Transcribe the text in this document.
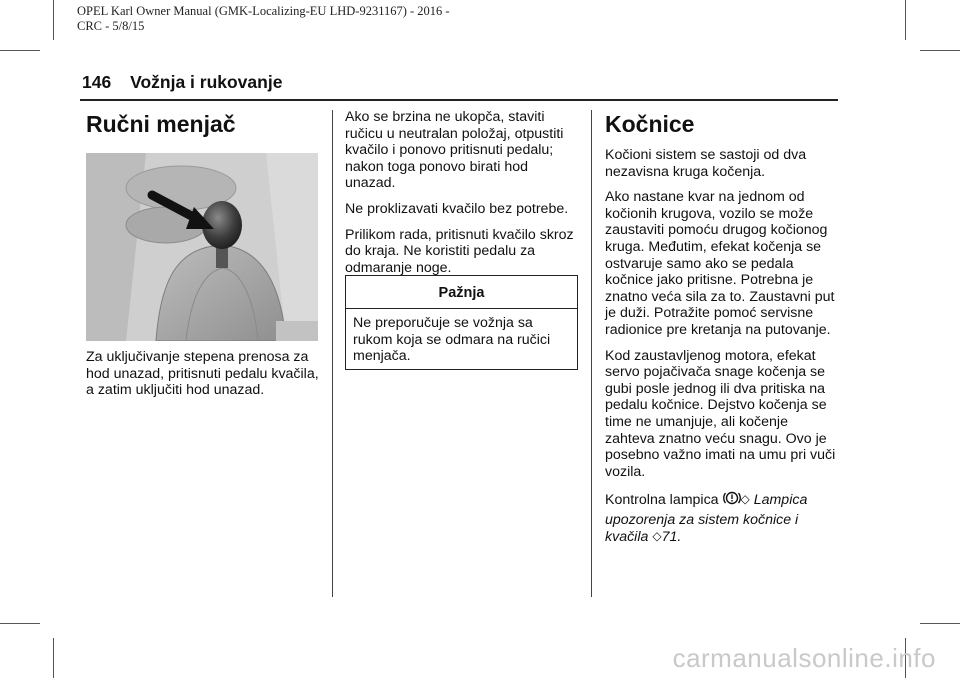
OPEL Karl Owner Manual (GMK-Localizing-EU LHD-9231167) - 2016 -
CRC - 5/8/15
146 Vožnja i rukovanje
Ručni menjač

Za uključivanje stepena prenosa za hod unazad, pritisnuti pedalu kvačila, a zatim uključiti hod unazad.

Ako se brzina ne ukopča, staviti ručicu u neutralan položaj, otpustiti kvačilo i ponovo pritisnuti pedalu; nakon toga ponovo birati hod unazad.

Ne proklizavati kvačilo bez potrebe.

Prilikom rada, pritisnuti kvačilo skroz do kraja. Ne koristiti pedalu za odmaranje noge.

Pažnja
Ne preporučuje se vožnja sa rukom koja se odmara na ručici menjača.
Kočnice

Kočioni sistem se sastoji od dva nezavisna kruga kočenja.

Ako nastane kvar na jednom od kočionih krugova, vozilo se može zaustaviti pomoću drugog kočionog kruga. Međutim, efekat kočenja se ostvaruje samo ako se pedala kočnice jako pritisne. Potrebna je znatno veća sila za to. Zaustavni put je duži. Potražite pomoć servisne radionice pre kretanja na putovanje.

Kod zaustavljenog motora, efekat servo pojačivača snage kočenja se gubi posle jednog ili dva pritiska na pedalu kočnice. Dejstvo kočenja se time ne umanjuje, ali kočenje zahteva znatno veću snagu. Ovo je posebno važno imati na umu pri vuči vozila.

Kontrolna lampica ◇ Lampica upozorenja za sistem kočnice i kvačila ◇71.

carmanualsonline.info
